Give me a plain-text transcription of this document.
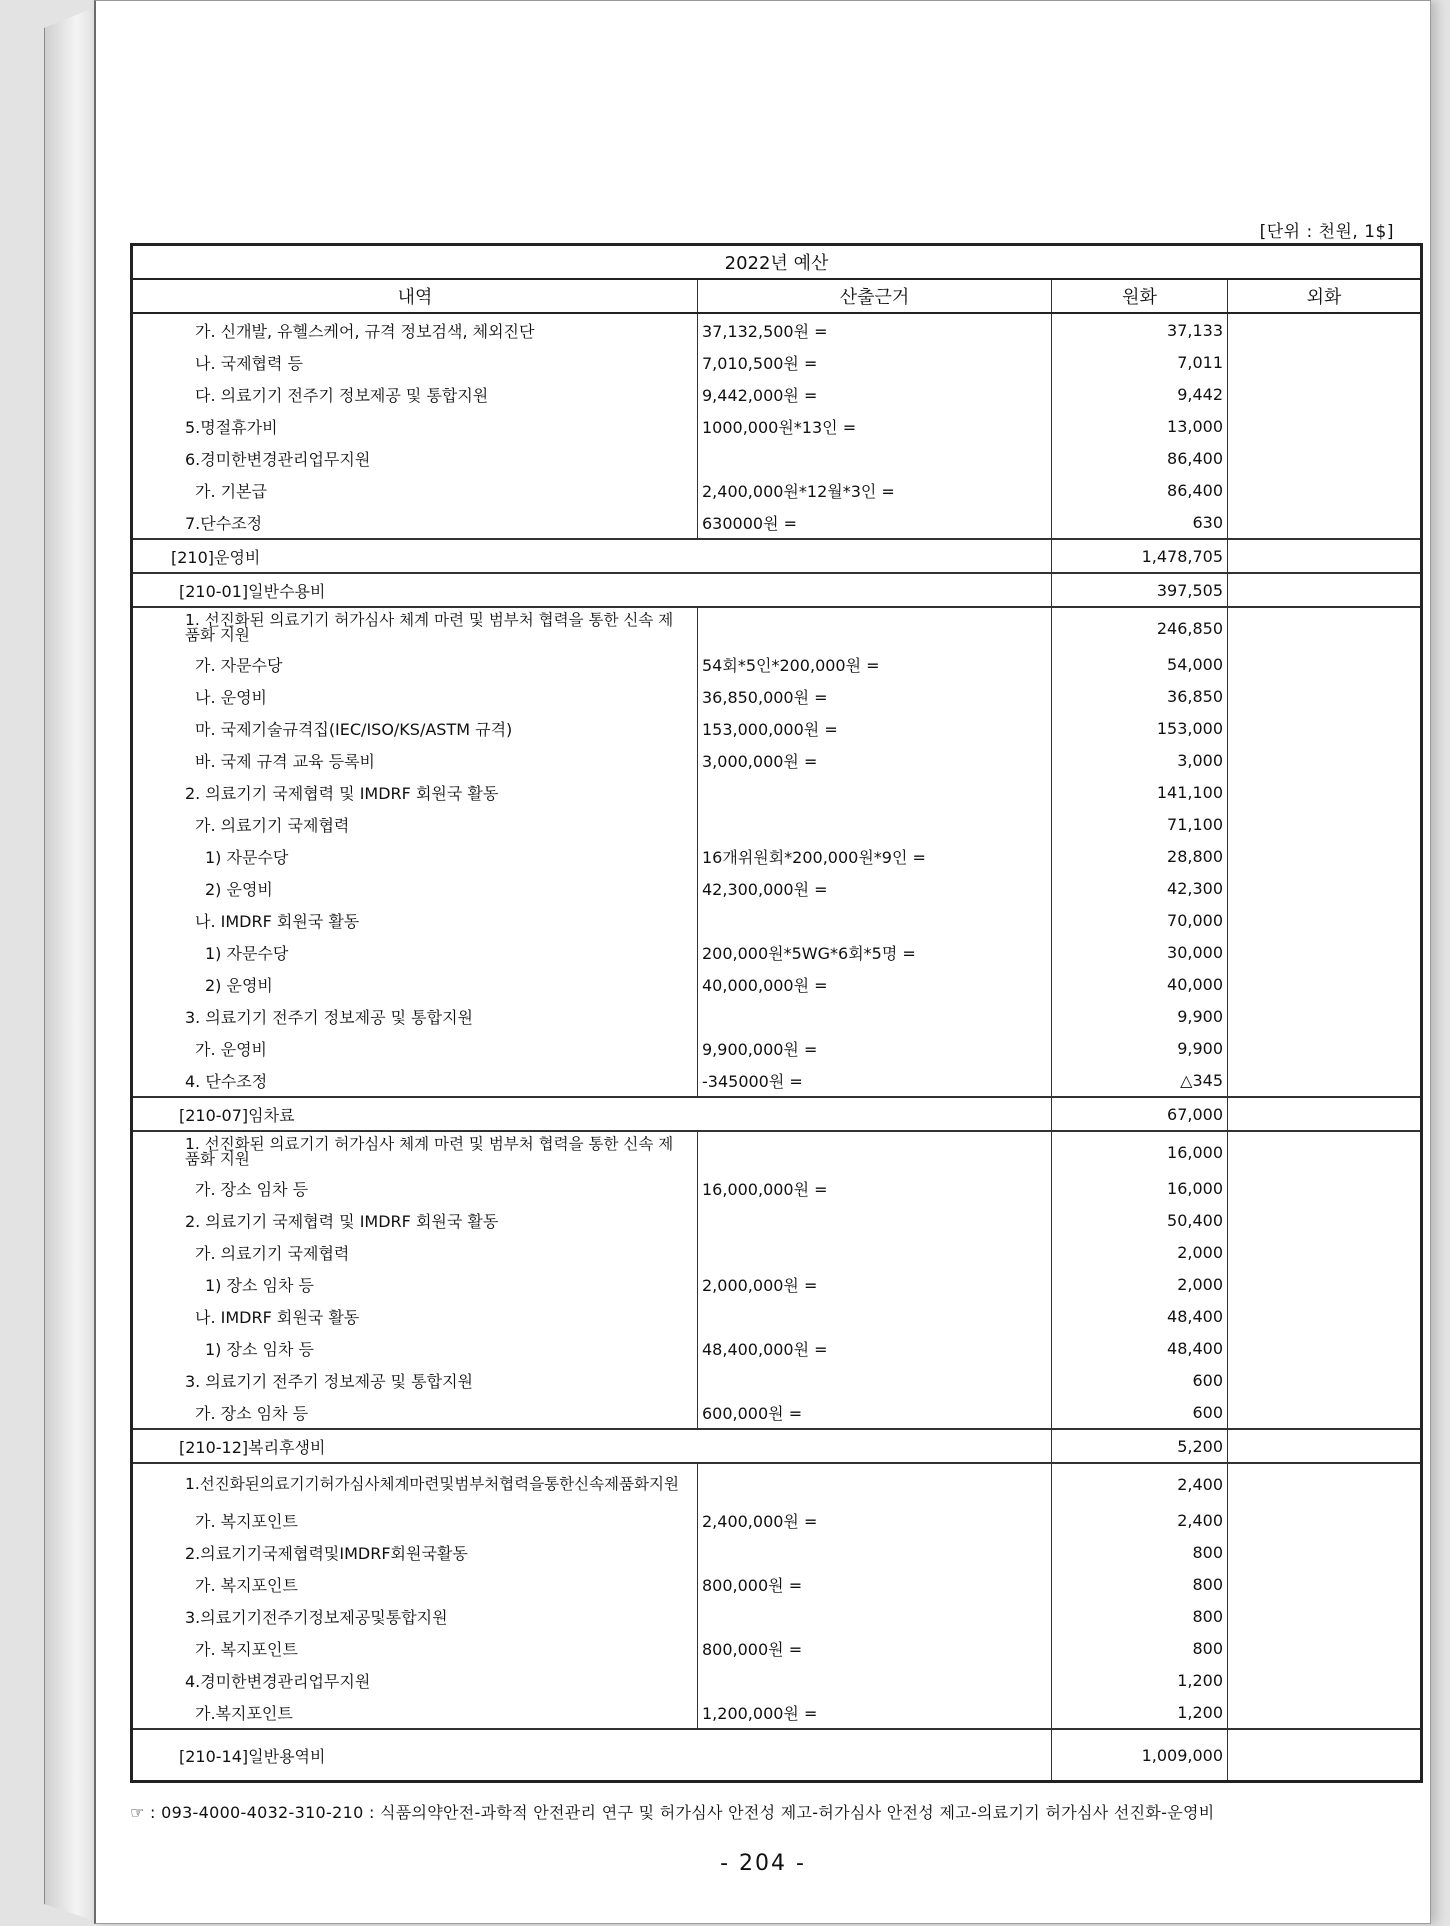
[단위 : 천원, 1$]
2022년 예산			
내역	산출근거	원화	외화
가. 신개발, 유헬스케어, 규격 정보검색, 체외진단	37,132,500원 =	37,133	
나. 국제협력 등	7,010,500원 =	7,011	
다. 의료기기 전주기 정보제공 및 통합지원	9,442,000원 =	9,442	
5.명절휴가비	1000,000원*13인 =	13,000	
6.경미한변경관리업무지원		86,400	
가. 기본급	2,400,000원*12월*3인 =	86,400	
7.단수조정	630000원 =	630	
[210]운영비		1,478,705	
[210-01]일반수용비		397,505	
1. 선진화된 의료기기 허가심사 체계 마련 및 범부처 협력을 통한 신속 제품화 지원		246,850	
가. 자문수당	54회*5인*200,000원 =	54,000	
나. 운영비	36,850,000원 =	36,850	
마. 국제기술규격집(IEC/ISO/KS/ASTM 규격)	153,000,000원 =	153,000	
바. 국제 규격 교육 등록비	3,000,000원 =	3,000	
2. 의료기기 국제협력 및 IMDRF 회원국 활동		141,100	
가. 의료기기 국제협력		71,100	
1) 자문수당	16개위원회*200,000원*9인 =	28,800	
2) 운영비	42,300,000원 =	42,300	
나. IMDRF 회원국 활동		70,000	
1) 자문수당	200,000원*5WG*6회*5명 =	30,000	
2) 운영비	40,000,000원 =	40,000	
3. 의료기기 전주기 정보제공 및 통합지원		9,900	
가. 운영비	9,900,000원 =	9,900	
4. 단수조정	-345000원 =	△345	
[210-07]임차료		67,000	
1. 선진화된 의료기기 허가심사 체계 마련 및 범부처 협력을 통한 신속 제품화 지원		16,000	
가. 장소 임차 등	16,000,000원 =	16,000	
2. 의료기기 국제협력 및 IMDRF 회원국 활동		50,400	
가. 의료기기 국제협력		2,000	
1) 장소 임차 등	2,000,000원 =	2,000	
나. IMDRF 회원국 활동		48,400	
1) 장소 임차 등	48,400,000원 =	48,400	
3. 의료기기 전주기 정보제공 및 통합지원		600	
가. 장소 임차 등	600,000원 =	600	
[210-12]복리후생비		5,200	
1.선진화된의료기기허가심사체계마련및범부처협력을통한신속제품화지원		2,400	
가. 복지포인트	2,400,000원 =	2,400	
2.의료기기국제협력및IMDRF회원국활동		800	
가. 복지포인트	800,000원 =	800	
3.의료기기전주기정보제공및통합지원		800	
가. 복지포인트	800,000원 =	800	
4.경미한변경관리업무지원		1,200	
가.복지포인트	1,200,000원 =	1,200	
[210-14]일반용역비		1,009,000	
☞ : 093-4000-4032-310-210 : 식품의약안전-과학적 안전관리 연구 및 허가심사 안전성 제고-허가심사 안전성 제고-의료기기 허가심사 선진화-운영비
- 204 -
